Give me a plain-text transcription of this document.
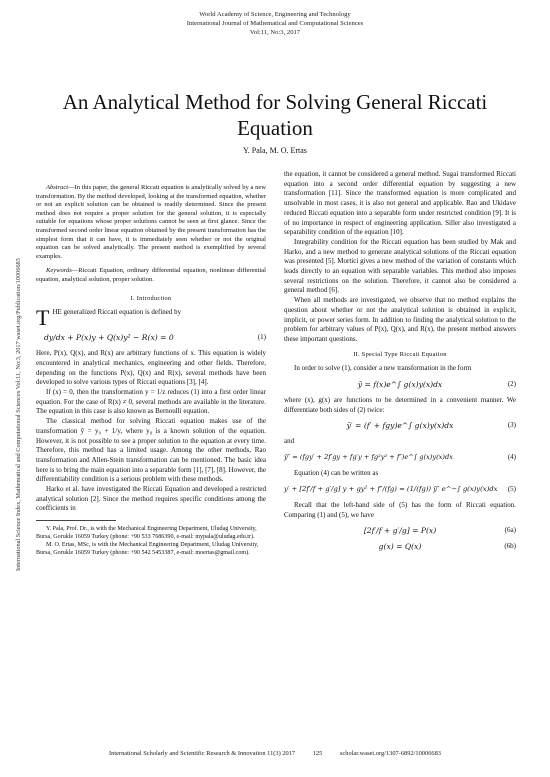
World Academy of Science, Engineering and Technology
International Journal of Mathematical and Computational Sciences
Vol:11, No:3, 2017
An Analytical Method for Solving General Riccati Equation
Y. Pala, M. O. Ertas
International Science Index, Mathematical and Computational Sciences Vol:11, No:3, 2017 waset.org/Publication/10006683

Abstract—In this paper, the general Riccati equation is analytically solved by a new transformation. By the method developed, looking at the transformed equation, whether or not an explicit solution can be obtained is readily determined. Since the present method does not require a proper solution for the general solution, it is especially suitable for equations whose proper solutions cannot be seen at first glance. Since the transformed second order linear equation obtained by the present transformation has the simplest form that it can have, it is immediately seen whether or not the original equation can be solved analytically. The present method is exemplified by several examples.

Keywords—Riccati Equation, ordinary differential equation, nonlinear differential equation, analytical solution, proper solution.

I. Introduction

THE generalized Riccati equation is defined by

dy/dx + P(x)y + Q(x)y² − R(x) = 0	(1)

Here, P(x), Q(x), and R(x) are arbitrary functions of x. This equation is widely encountered in analytical mechanics, engineering and other fields. Therefore, depending on the functions P(x), Q(x) and R(x), several methods have been developed to solve various types of Riccati equations [3], [4].

If (x) = 0, then the transformation y = 1/z reduces (1) into a first order linear equation. For the case of R(x) ≠ 0, several methods are available in the literature. The equation in this case is also known as Bernoulli equation.

The classical method for solving Riccati equation makes use of the transformation ȳ = y₀ + 1/y, where y₀ is a known solution of the equation. However, it is not possible to see a proper solution to the equation at every time. Therefore, this method has a limited usage. Among the other methods, Rao transformation and Allen-Stein transformation can be mentioned. The basic idea here is to bring the main equation into a separable form [1], [7], [8]. However, the differentiability condition is a serious problem with these methods.

Harko et al. have investigated the Riccati Equation and developed a restricted analytical solution [2]. Since the method requires specific conditions among the coefficients in

Y. Pala, Prof. Dr., is with the Mechanical Engineering Department, Uludag University, Bursa, Gorukle 16059 Turkey (phone: +90 533 7686390, e-mail: mypala@uludag.edu.tr).

M. O. Ertas, MSc, is with the Mechanical Engineering Department, Uludag University, Bursa, Gorukle 16059 Turkey (phone: +90 542 5453387, e-mail: moertas@gmail.com).

the equation, it cannot be considered a general method. Sugai transformed Riccati equation into a second order differential equation by suggesting a new transformation [11]. Since the transformed equation is more complicated and unsolvable in most cases, it is also not general and applicable. Rao and Ukidave reduced Riccati equation into a separable form under restricted condition [9]. It is of no importance in respect of engineering application. Siller also investigated a separability condition of the equation [10].

Integrability condition for the Riccati equation has been studied by Mak and Harko, and a new method to generate analytical solutions of the Riccati equation was presented [5]. Mortici gives a new method of the variation of constants which leads directly to an equation with separable variables. This method also imposes several restrictions on the solution. Therefore, it cannot also be considered a general method [6].

When all methods are investigated, we observe that no method explains the question about whether or not the analytical solution is obtained in explicit, implicit, or power series form. In addition to finding the analytical solution to the problem for arbitrary values of P(x), Q(x), and R(x), the present method answers these important questions.

II. Special Type Riccati Equation

In order to solve (1), consider a new transformation in the form

ȳ = f(x)e^∫ g(x)y(x)dx	(2)

where (x), g(x) are functions to be determined in a convenient manner. We differentiate both sides of (2) twice:

ȳ′ = (f′ + fgy)e^∫ g(x)y(x)dx	(3)

and

ȳ″ = (fgy′ + 2f′gy + fg′y + fg²y² + f″)e^∫ g(x)y(x)dx	(4)

Equation (4) can be written as

y′ + [2f′/f + g′/g] y + gy² + f″/(fg) = (1/(fg)) ȳ″ e^−∫ g(x)y(x)dx (5)

Recall that the left-hand side of (5) has the form of Riccati equation. Comparing (1) and (5), we have

[2f′/f + g′/g] = P(x)	(6a)
g(x) = Q(x)	(6b)
International Scholarly and Scientific Research & Innovation 11(3) 2017	125	scholar.waset.org/1307-6892/10006683
